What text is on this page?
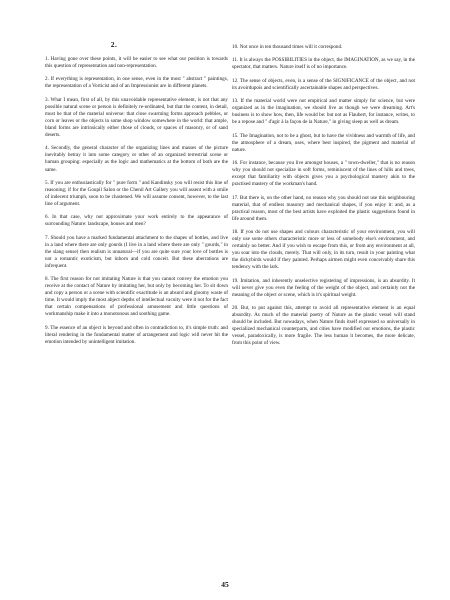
2.

1. Having gone over these points, it will be easier to see what our position is towards this question of representation and non-representation.

2. If everything is representation, in one sense, even in the most " abstract " paintings, the representation of a Vorticist and of an Impressionist are in different planets.

3. What I mean, first of all, by this unavoidable representative element, is not that any possible natural scene or person is definitely re-ordinated, but that the content, in detail, must be that of the material universe: that close swarming forms approach pebbles, or corn or leaves or the objects in some shop window somewhere in the world: that ample, bland forms are intrinsically either those of clouds, or spaces of masonry, or of sand deserts.

4. Secondly, the general character of the organizing lines and masses of the picture inevitably betray it into some category or other of an organized terrestrial scene or human grouping: especially as the logic and mathematics at the bottom of both are the same.

5. If you are enthusiastically for " pure form " and Kandinsky you will resist this line of reasoning; if for the Goupil Salon or the Chenil Art Gallery you will assent with a smile of indecent triumph, soon to be chastened. We will assume consent, however, to the last line of argument.

6. In that case, why not approximate your work entirely to the appearance of surrounding Nature: landscape, houses and men?

7. Should you have a marked fundamental attachment to the shapes of bottles, and live in a land where there are only gourds (I live in a land where there are only " gourds," in the slang sense) then realism is unnatural—if you are quite sure your love of bottles is not a romantic exoticism, but inborn and cold conceit. But these aberrations are infrequent.

8. The first reason for not imitating Nature is that you cannot convey the emotion you receive at the contact of Nature by imitating her, but only by becoming her. To sit down and copy a person or a scene with scientific exactitude is an absurd and gloomy waste of time. It would imply the most abject depths of intellectual vacuity were it not for the fact that certain compensations of professional amusement and little questions of workmanship make it into a monotonous and soothing game.

9. The essence of an object is beyond and often in contradiction to, it's simple truth: and literal rendering in the fundamental matter of arrangement and logic will never hit the emotion intended by unintelligent imitation.

10. Not once in ten thousand times will it correspond.

11. It is always the POSSIBILITIES in the object, the IMAGINATION, as we say, in the spectator, that matters. Nature itself is of no importance.

12. The sense of objects, even, is a sense of the SIGNIFICANCE of the object, and not its avoirdupois and scientifically ascertainable shapes and perspectives.

13. If the material world were not empirical and matter simply for science, but were organized as in the imagination, we should live as though we were dreaming. Art's business is to show how, then, life would be: but not as Flaubert, for instance, writes, to be a repose and " d'agir à la façon de la Nature," in giving sleep as well as dream.

15. The Imagination, not to be a ghost, but to have the vividness and warmth of life, and the atmosphere of a dream, uses, where best inspired, the pigment and material of nature.

16. For instance, because you live amongst houses, a " town-dweller," that is no reason why you should not specialize in soft forms, reminiscent of the lines of hills and trees, except that familiarity with objects gives you a psychological mastery akin to the practised mastery of the workman's hand.

17. But there is, on the other hand, no reason why you should not use this neighbouring material, that of endless masonry and mechanical shapes, if you enjoy it: and, as a practical reason, most of the best artists have exploited the plastic suggestions found in life around them.

18. If you do not use shapes and colours characteristic of your environment, you will only use some others characteristic more or less of somebody else's environment, and certainly no better. And if you wish to escape from this, or from any environment at all, you soar into the clouds, merely. That will only, in its turn, result in your painting what the dickybirds would if they painted. Perhaps airmen might even conceivably share this tendency with the lark.

19. Imitation, and inherently unselective registering of impressions, is an absurdity. It will never give you even the feeling of the weight of the object, and certainly not the meaning of the object or scene, which is it's spiritual weight.

20. But, to put against this, attempt to avoid all representative element is an equal absurdity. As much of the material poetry of Nature as the plastic vessel will stand should be included. But nowadays, when Nature finds itself expressed so universally in specialized mechanical counterparts, and cities have modified our emotions, the plastic vessel, paradoxically, is more fragile. The less human it becomes, the more delicate, from this point of view.

45
